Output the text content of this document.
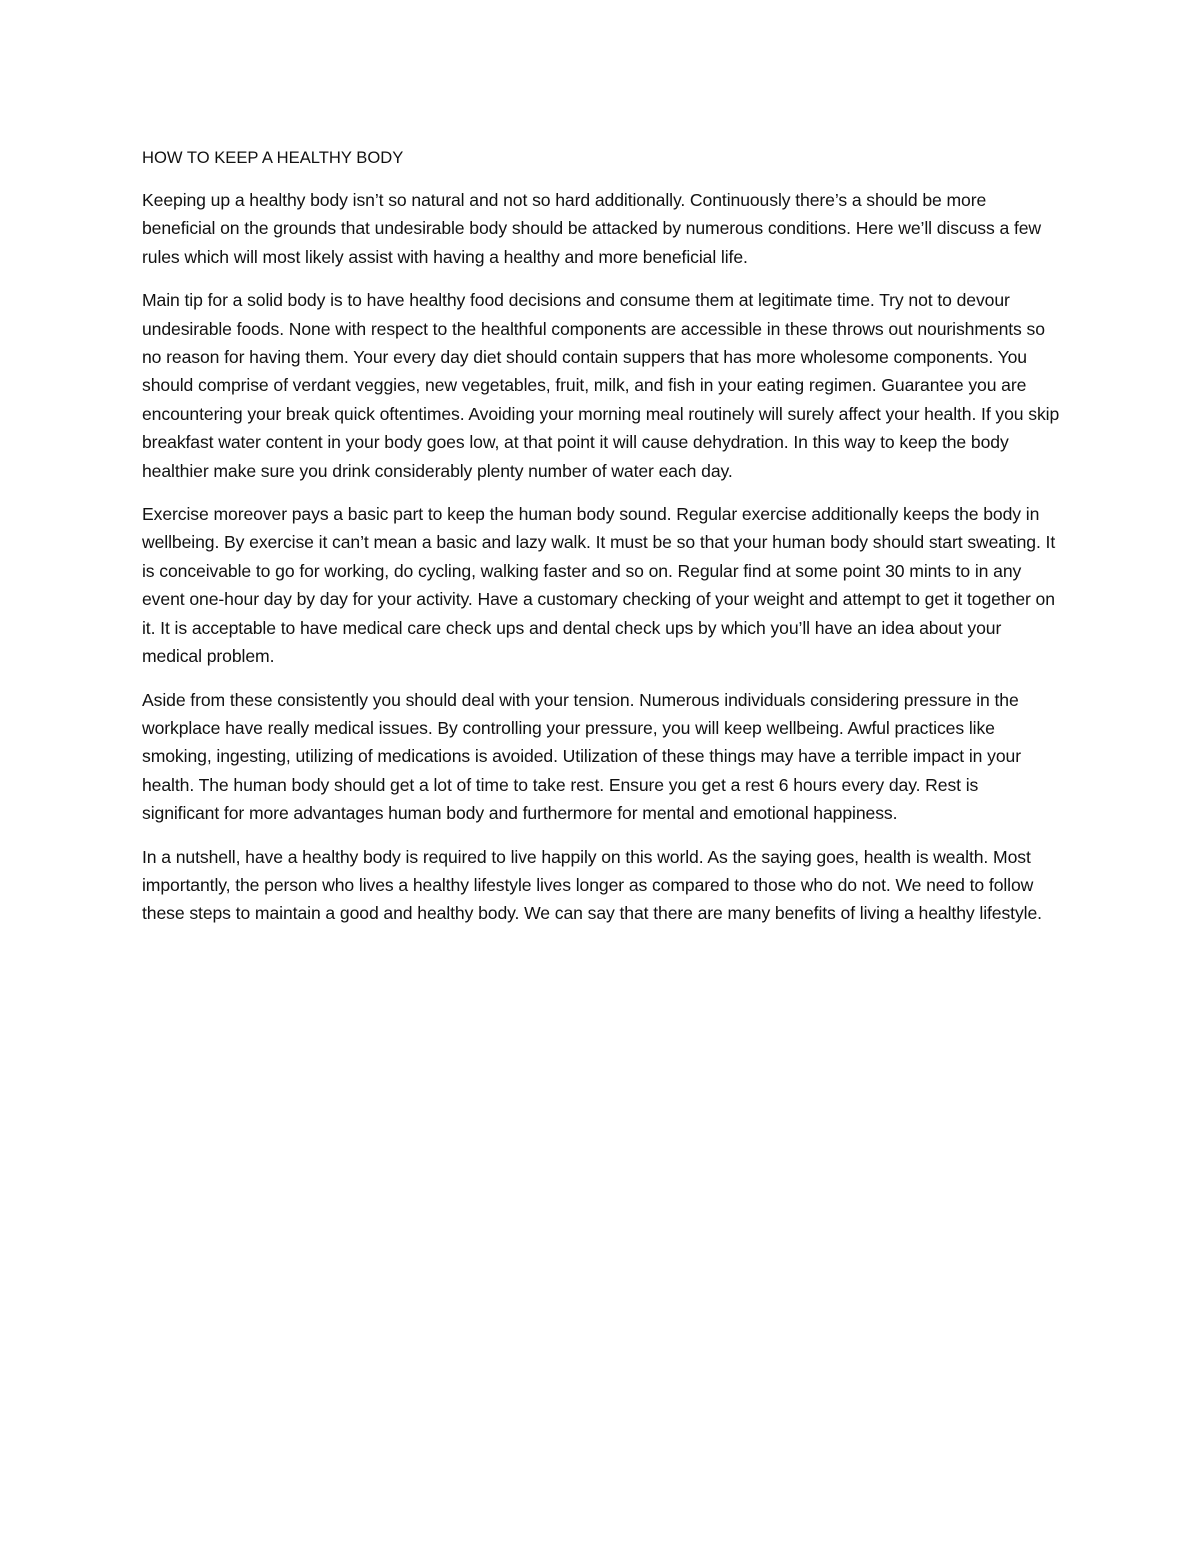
HOW TO KEEP A HEALTHY BODY

Keeping up a healthy body isn’t so natural and not so hard additionally. Continuously there’s a should be more beneficial on the grounds that undesirable body should be attacked by numerous conditions. Here we’ll discuss a few rules which will most likely assist with having a healthy and more beneficial life.

Main tip for a solid body is to have healthy food decisions and consume them at legitimate time. Try not to devour undesirable foods. None with respect to the healthful components are accessible in these throws out nourishments so no reason for having them. Your every day diet should contain suppers that has more wholesome components. You should comprise of verdant veggies, new vegetables, fruit, milk, and fish in your eating regimen. Guarantee you are encountering your break quick oftentimes. Avoiding your morning meal routinely will surely affect your health. If you skip breakfast water content in your body goes low, at that point it will cause dehydration. In this way to keep the body healthier make sure you drink considerably plenty number of water each day.

Exercise moreover pays a basic part to keep the human body sound. Regular exercise additionally keeps the body in wellbeing. By exercise it can’t mean a basic and lazy walk. It must be so that your human body should start sweating. It is conceivable to go for working, do cycling, walking faster and so on. Regular find at some point 30 mints to in any event one-hour day by day for your activity. Have a customary checking of your weight and attempt to get it together on it. It is acceptable to have medical care check ups and dental check ups by which you’ll have an idea about your medical problem.

Aside from these consistently you should deal with your tension. Numerous individuals considering pressure in the workplace have really medical issues. By controlling your pressure, you will keep wellbeing. Awful practices like smoking, ingesting, utilizing of medications is avoided. Utilization of these things may have a terrible impact in your health. The human body should get a lot of time to take rest. Ensure you get a rest 6 hours every day. Rest is significant for more advantages human body and furthermore for mental and emotional happiness.

In a nutshell, have a healthy body is required to live happily on this world. As the saying goes, health is wealth. Most importantly, the person who lives a healthy lifestyle lives longer as compared to those who do not. We need to follow these steps to maintain a good and healthy body. We can say that there are many benefits of living a healthy lifestyle.
